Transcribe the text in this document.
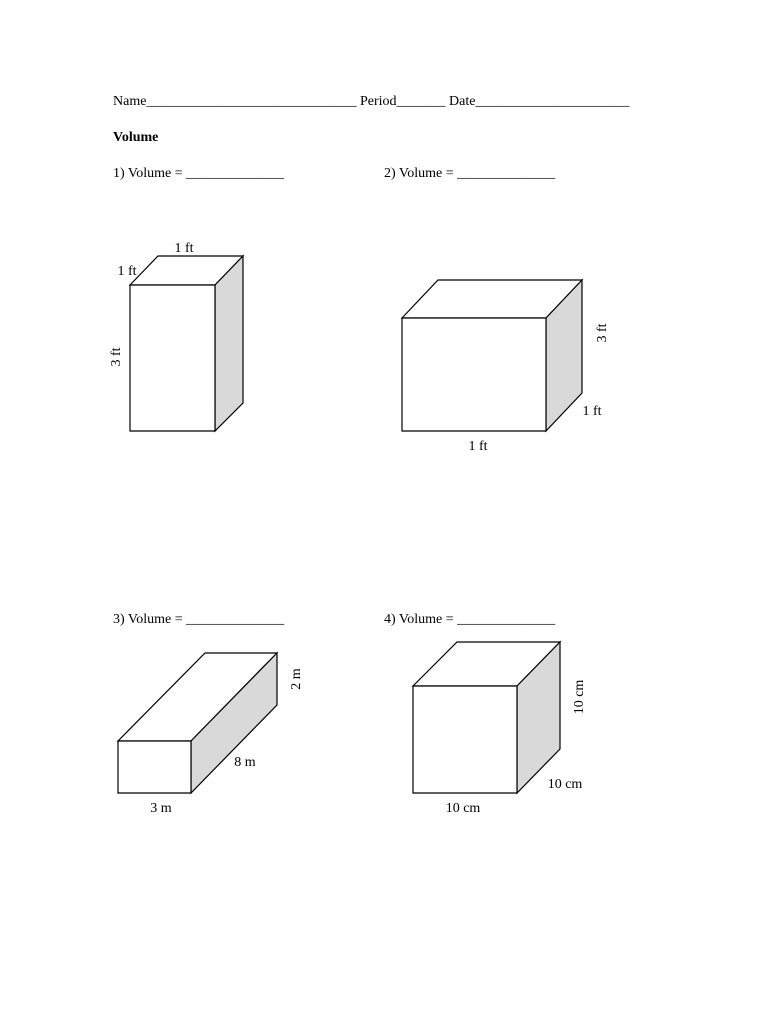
Name______________________________ Period_______ Date______________________
Volume
1) Volume = ______________	2) Volume = ______________
3) Volume = ______________	4) Volume = ______________
1 ft
1 ft
3 ft
3 ft
1 ft
1 ft
2 m
8 m
3 m
10 cm
10 cm
10 cm
